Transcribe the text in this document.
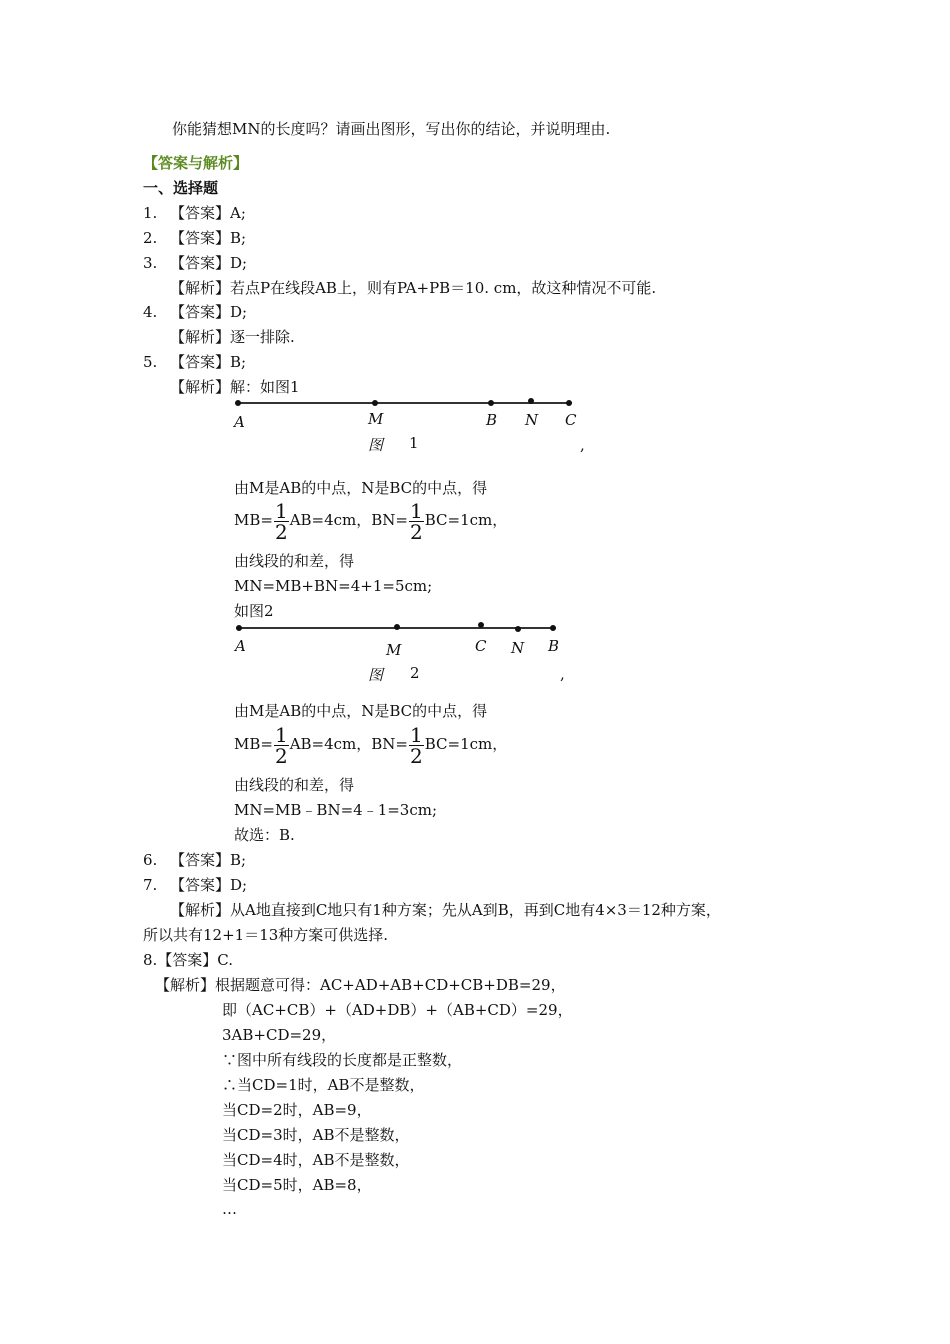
你能猜想MN的长度吗？请画出图形，写出你的结论，并说明理由.
【答案与解析】
一、选择题
1. 【答案】A;
2. 【答案】B;
3. 【答案】D;
【解析】若点P在线段AB上，则有PA+PB＝10. cm，故这种情况不可能.
4. 【答案】D;
【解析】逐一排除.
5. 【答案】B;
【解析】解：如图1
A	M	B N C
图 1	,
由M是AB的中点，N是BC的中点，得
$MB= \frac{1}{2} AB=4cm$，$BN= \frac{1}{2} BC=1cm$，
由线段的和差，得
MN=MB+BN=4+1=5cm;
如图2
A	M	C N B
图 2	,
由M是AB的中点，N是BC的中点，得
$MB= \frac{1}{2} AB=4cm$，$BN= \frac{1}{2} BC=1cm$，
由线段的和差，得
MN=MB﹣BN=4﹣1=3cm;
故选：B.
6. 【答案】B;
7. 【答案】D;
【解析】从A地直接到C地只有1种方案；先从A到B，再到C地有4×3＝12种方案，
所以共有12+1＝13种方案可供选择.
8.【答案】C.
【解析】根据题意可得：AC+AD+AB+CD+CB+DB=29，
即（AC+CB）+（AD+DB）+（AB+CD）=29，
3AB+CD=29，
∵图中所有线段的长度都是正整数，
∴当CD=1时，AB不是整数，
当CD=2时，AB=9，
当CD=3时，AB不是整数，
当CD=4时，AB不是整数，
当CD=5时，AB=8，
…
